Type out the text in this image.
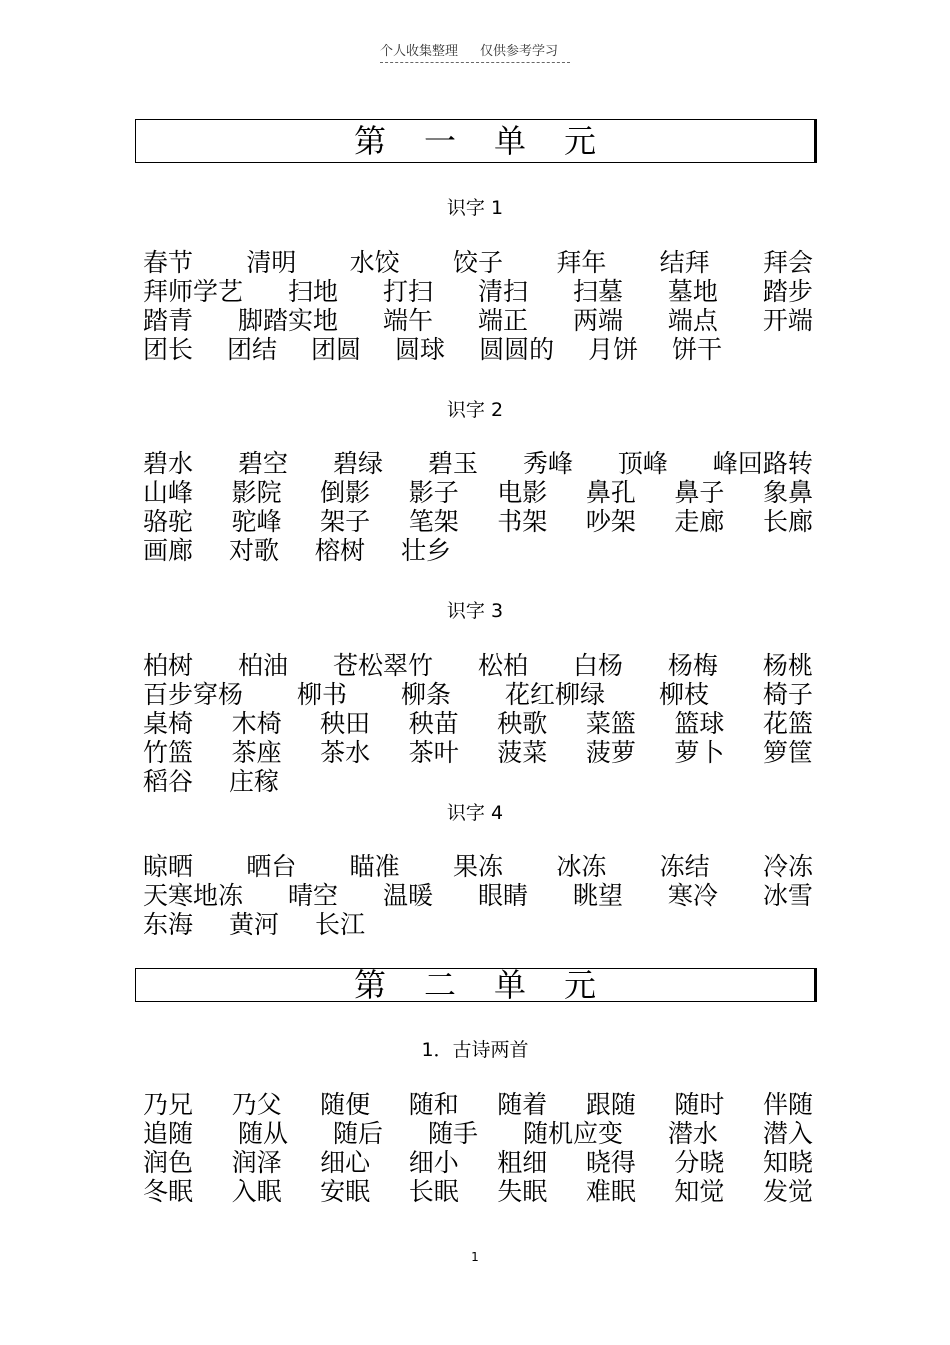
个人收集整理 仅供参考学习
第一单元
识字 1
春节 清明 水饺 饺子 拜年 结拜 拜会
拜师学艺 扫地 打扫 清扫 扫墓 墓地 踏步
踏青 脚踏实地 端午 端正 两端 端点 开端
团长 团结 团圆 圆球 圆圆的 月饼 饼干
识字 2
碧水 碧空 碧绿 碧玉 秀峰 顶峰 峰回路转
山峰 影院 倒影 影子 电影 鼻孔 鼻子 象鼻
骆驼 驼峰 架子 笔架 书架 吵架 走廊 长廊
画廊 对歌 榕树 壮乡
识字 3
柏树 柏油 苍松翠竹 松柏 白杨 杨梅 杨桃
百步穿杨 柳书 柳条 花红柳绿 柳枝 椅子
桌椅 木椅 秧田 秧苗 秧歌 菜篮 篮球 花篮
竹篮 茶座 茶水 茶叶 菠菜 菠萝 萝卜 箩筐
稻谷 庄稼
识字 4
晾晒 晒台 瞄准 果冻 冰冻 冻结 冷冻
天寒地冻 晴空 温暖 眼睛 眺望 寒冷 冰雪
东海 黄河 长江
第二单元
1．古诗两首
乃兄 乃父 随便 随和 随着 跟随 随时 伴随
追随 随从 随后 随手 随机应变 潜水 潜入
润色 润泽 细心 细小 粗细 晓得 分晓 知晓
冬眠 入眠 安眠 长眠 失眠 难眠 知觉 发觉
1
